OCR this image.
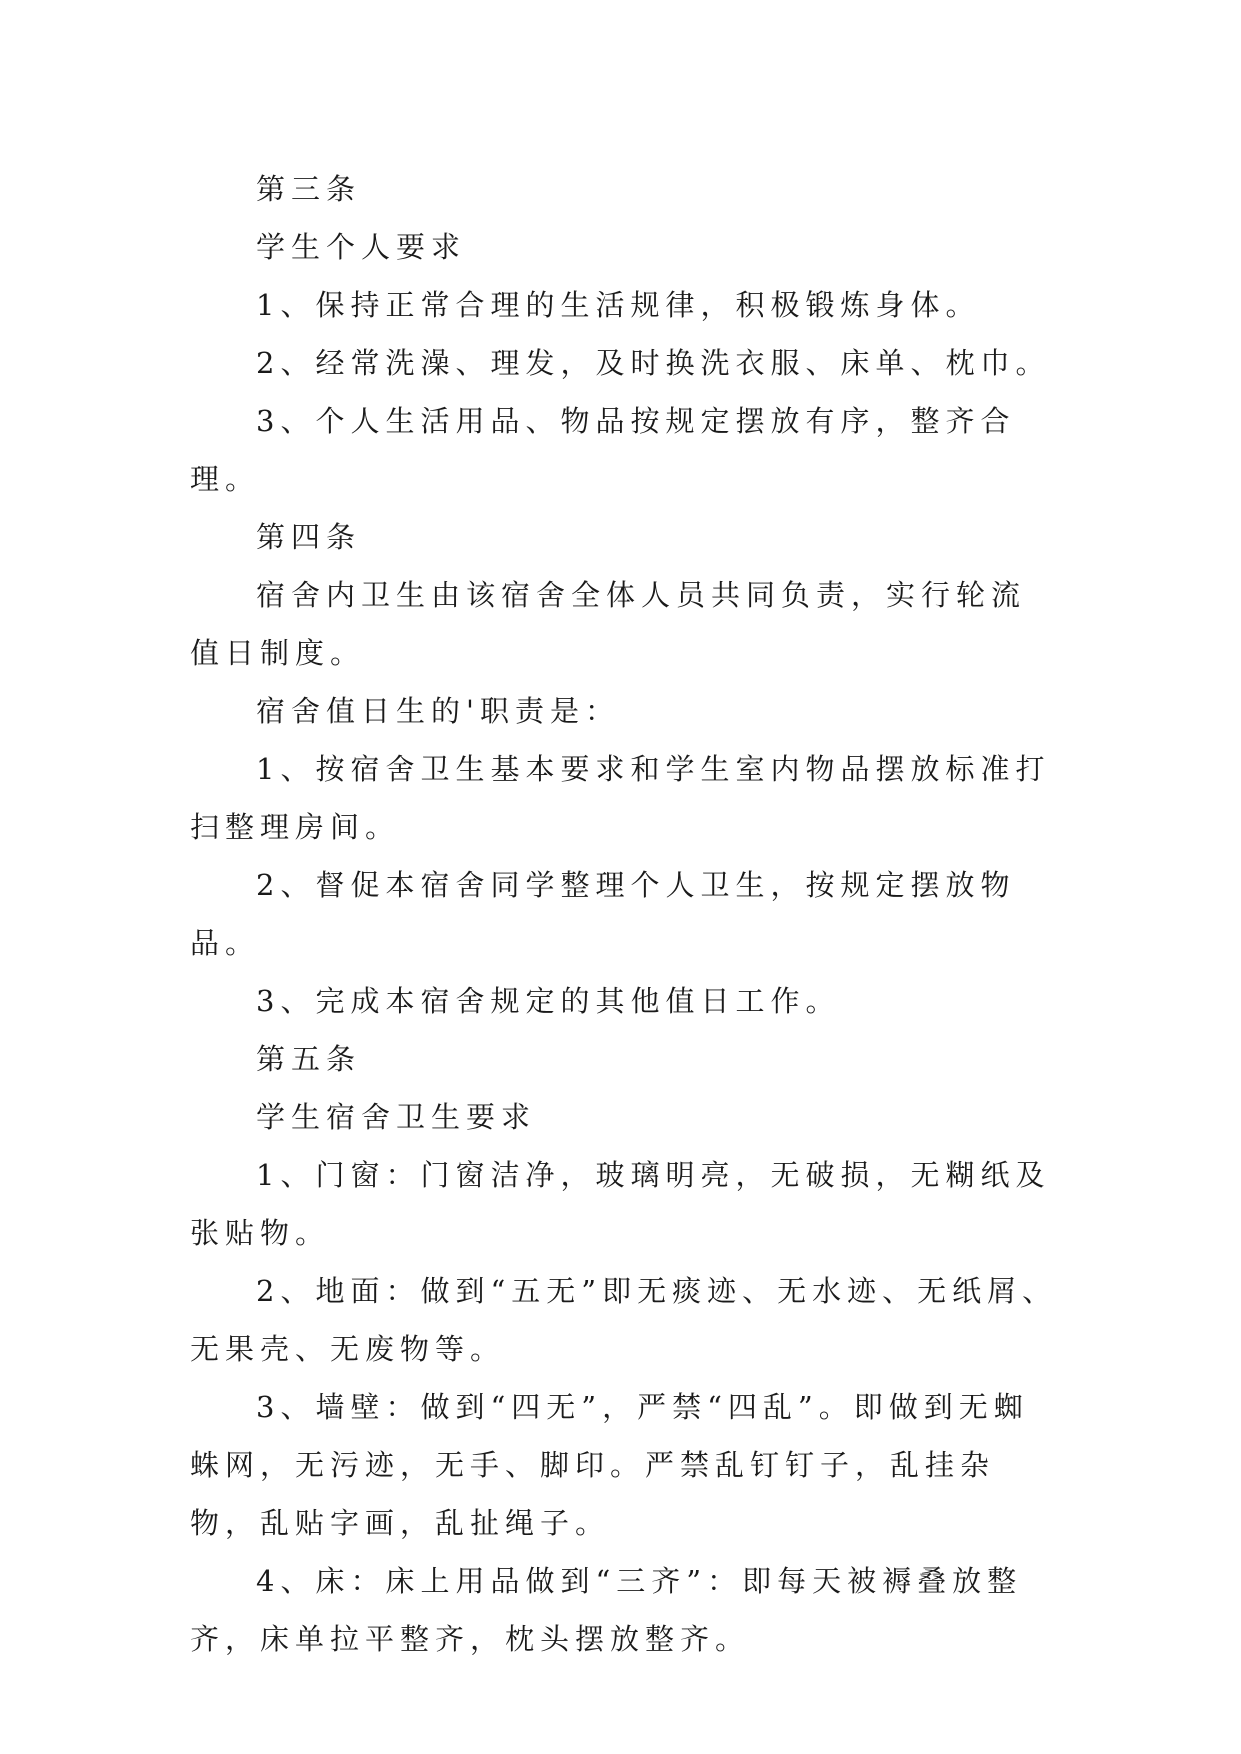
第三条

学生个人要求

1、保持正常合理的生活规律，积极锻炼身体。

2、经常洗澡、理发，及时换洗衣服、床单、枕巾。

3、个人生活用品、物品按规定摆放有序，整齐合理。

第四条

宿舍内卫生由该宿舍全体人员共同负责，实行轮流值日制度。

宿舍值日生的'职责是：

1、按宿舍卫生基本要求和学生室内物品摆放标准打扫整理房间。

2、督促本宿舍同学整理个人卫生，按规定摆放物品。

3、完成本宿舍规定的其他值日工作。

第五条

学生宿舍卫生要求

1、门窗：门窗洁净，玻璃明亮，无破损，无糊纸及张贴物。

2、地面：做到“五无”即无痰迹、无水迹、无纸屑、无果壳、无废物等。

3、墙壁：做到“四无”，严禁“四乱”。即做到无蜘蛛网，无污迹，无手、脚印。严禁乱钉钉子，乱挂杂物，乱贴字画，乱扯绳子。

4、床：床上用品做到“三齐”：即每天被褥叠放整齐，床单拉平整齐，枕头摆放整齐。
